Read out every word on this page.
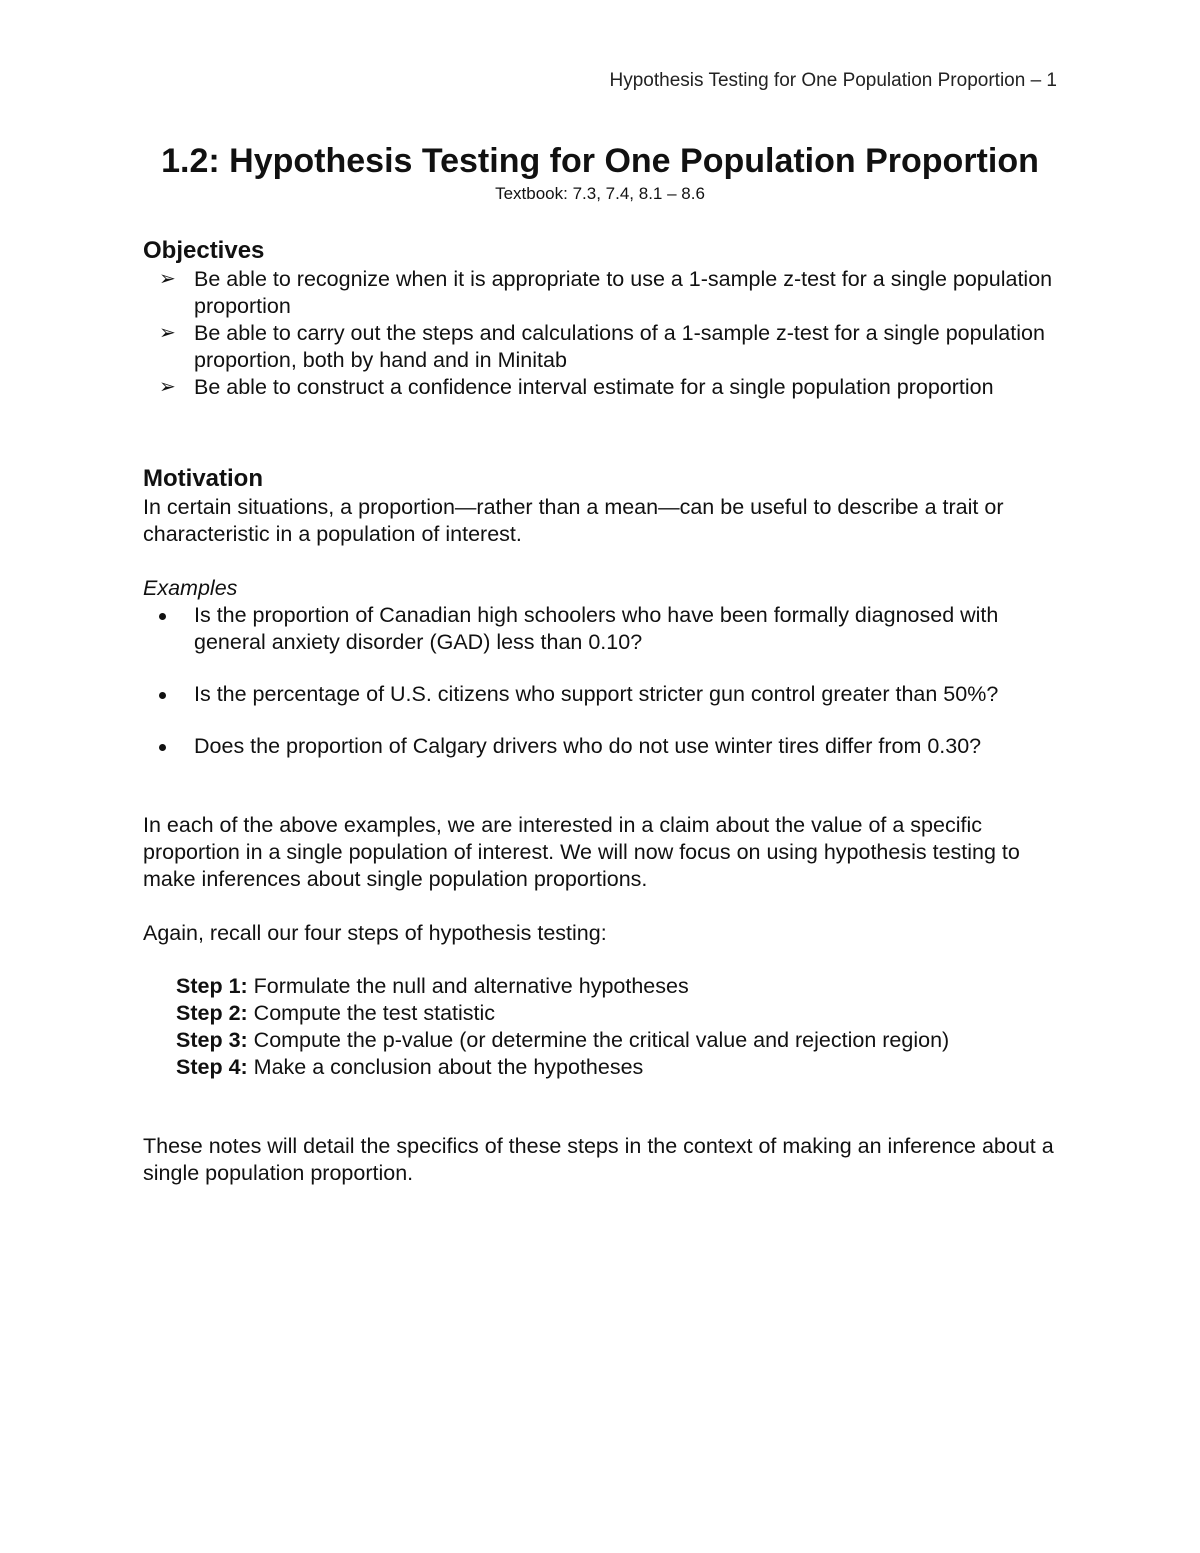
Hypothesis Testing for One Population Proportion – 1
1.2: Hypothesis Testing for One Population Proportion
Textbook: 7.3, 7.4, 8.1 – 8.6
Objectives
➢ Be able to recognize when it is appropriate to use a 1-sample z-test for a single population proportion
➢ Be able to carry out the steps and calculations of a 1-sample z-test for a single population proportion, both by hand and in Minitab
➢ Be able to construct a confidence interval estimate for a single population proportion
Motivation

In certain situations, a proportion—rather than a mean—can be useful to describe a trait or characteristic in a population of interest.

Examples

Is the proportion of Canadian high schoolers who have been formally diagnosed with general anxiety disorder (GAD) less than 0.10?
Is the percentage of U.S. citizens who support stricter gun control greater than 50%?
Does the proportion of Calgary drivers who do not use winter tires differ from 0.30?

In each of the above examples, we are interested in a claim about the value of a specific proportion in a single population of interest. We will now focus on using hypothesis testing to make inferences about single population proportions.

Again, recall our four steps of hypothesis testing:

Step 1: Formulate the null and alternative hypotheses
Step 2: Compute the test statistic
Step 3: Compute the p-value (or determine the critical value and rejection region)
Step 4: Make a conclusion about the hypotheses

These notes will detail the specifics of these steps in the context of making an inference about a single population proportion.
